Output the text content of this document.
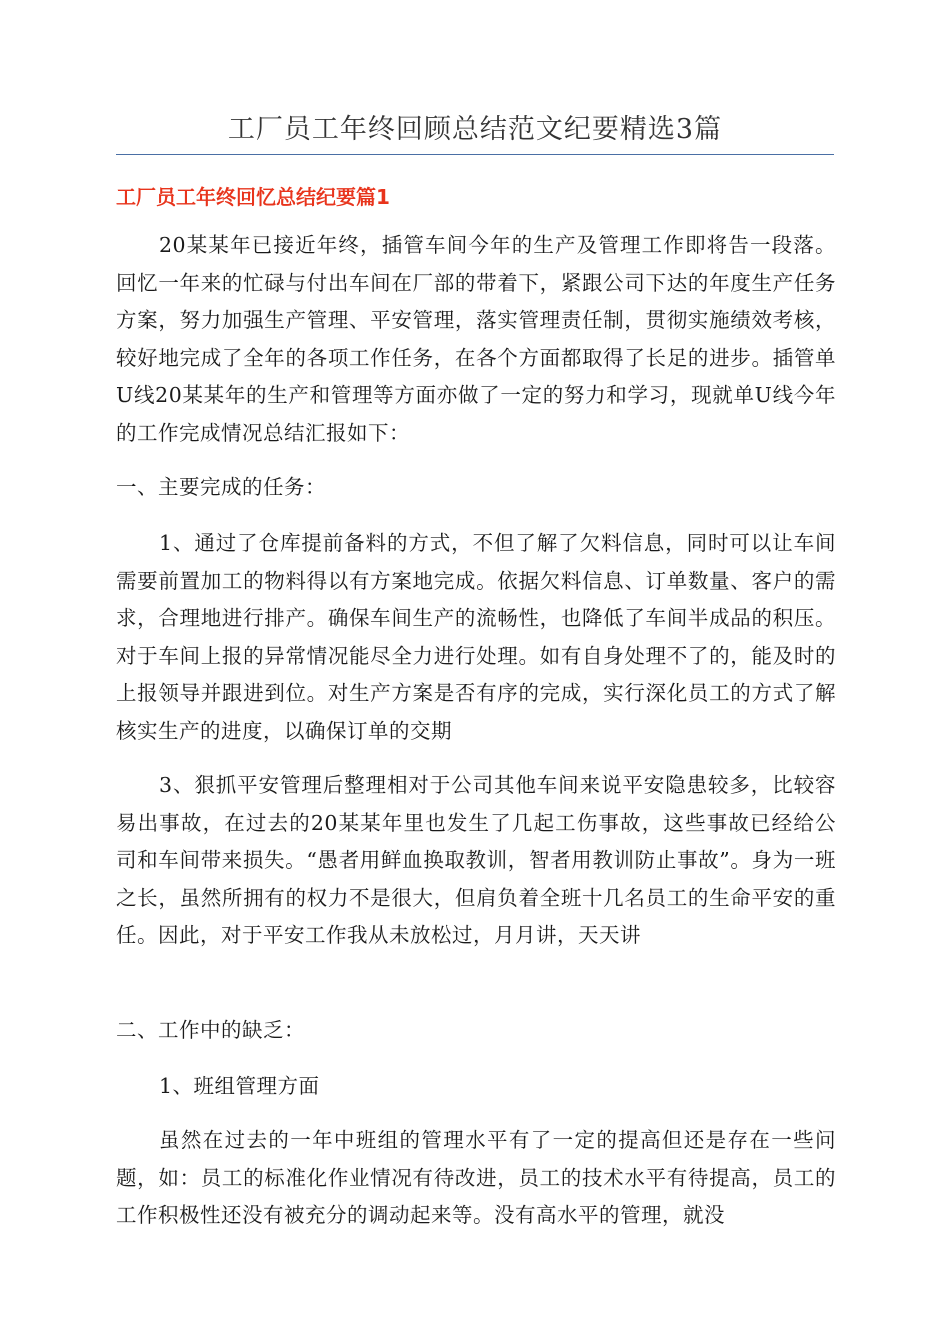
工厂员工年终回顾总结范文纪要精选3篇
工厂员工年终回忆总结纪要篇1

20某某年已接近年终，插管车间今年的生产及管理工作即将告一段落。回忆一年来的忙碌与付出车间在厂部的带着下，紧跟公司下达的年度生产任务方案，努力加强生产管理、平安管理，落实管理责任制，贯彻实施绩效考核，较好地完成了全年的各项工作任务，在各个方面都取得了长足的进步。插管单U线20某某年的生产和管理等方面亦做了一定的努力和学习，现就单U线今年的工作完成情况总结汇报如下：

一、主要完成的任务：

1、通过了仓库提前备料的方式，不但了解了欠料信息，同时可以让车间需要前置加工的物料得以有方案地完成。依据欠料信息、订单数量、客户的需求，合理地进行排产。确保车间生产的流畅性，也降低了车间半成品的积压。对于车间上报的异常情况能尽全力进行处理。如有自身处理不了的，能及时的上报领导并跟进到位。对生产方案是否有序的完成，实行深化员工的方式了解核实生产的进度，以确保订单的交期

3、狠抓平安管理后整理相对于公司其他车间来说平安隐患较多，比较容易出事故，在过去的20某某年里也发生了几起工伤事故，这些事故已经给公司和车间带来损失。“愚者用鲜血换取教训，智者用教训防止事故”。身为一班之长，虽然所拥有的权力不是很大，但肩负着全班十几名员工的生命平安的重任。因此，对于平安工作我从未放松过，月月讲，天天讲

二、工作中的缺乏：

1、班组管理方面

虽然在过去的一年中班组的管理水平有了一定的提高但还是存在一些问题，如：员工的标准化作业情况有待改进，员工的技术水平有待提高，员工的工作积极性还没有被充分的调动起来等。没有高水平的管理，就没
